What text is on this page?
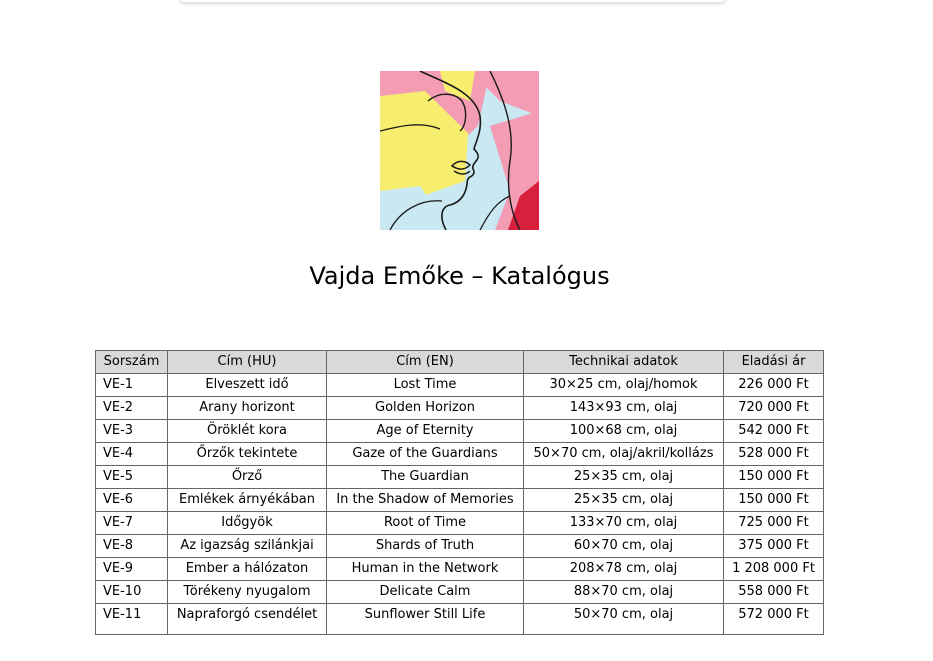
Vajda Emőke – Katalógus
Sorszám	Cím (HU)	Cím (EN)	Technikai adatok	Eladási ár
VE-1	Elveszett idő	Lost Time	30×25 cm, olaj/homok	226 000 Ft
VE-2	Arany horizont	Golden Horizon	143×93 cm, olaj	720 000 Ft
VE-3	Öröklét kora	Age of Eternity	100×68 cm, olaj	542 000 Ft
VE-4	Őrzők tekintete	Gaze of the Guardians	50×70 cm, olaj/akril/kollázs	528 000 Ft
VE-5	Őrző	The Guardian	25×35 cm, olaj	150 000 Ft
VE-6	Emlékek árnyékában	In the Shadow of Memories	25×35 cm, olaj	150 000 Ft
VE-7	Időgyök	Root of Time	133×70 cm, olaj	725 000 Ft
VE-8	Az igazság szilánkjai	Shards of Truth	60×70 cm, olaj	375 000 Ft
VE-9	Ember a hálózaton	Human in the Network	208×78 cm, olaj	1 208 000 Ft
VE-10	Törékeny nyugalom	Delicate Calm	88×70 cm, olaj	558 000 Ft
VE-11	Napraforgó csendélet	Sunflower Still Life	50×70 cm, olaj	572 000 Ft
